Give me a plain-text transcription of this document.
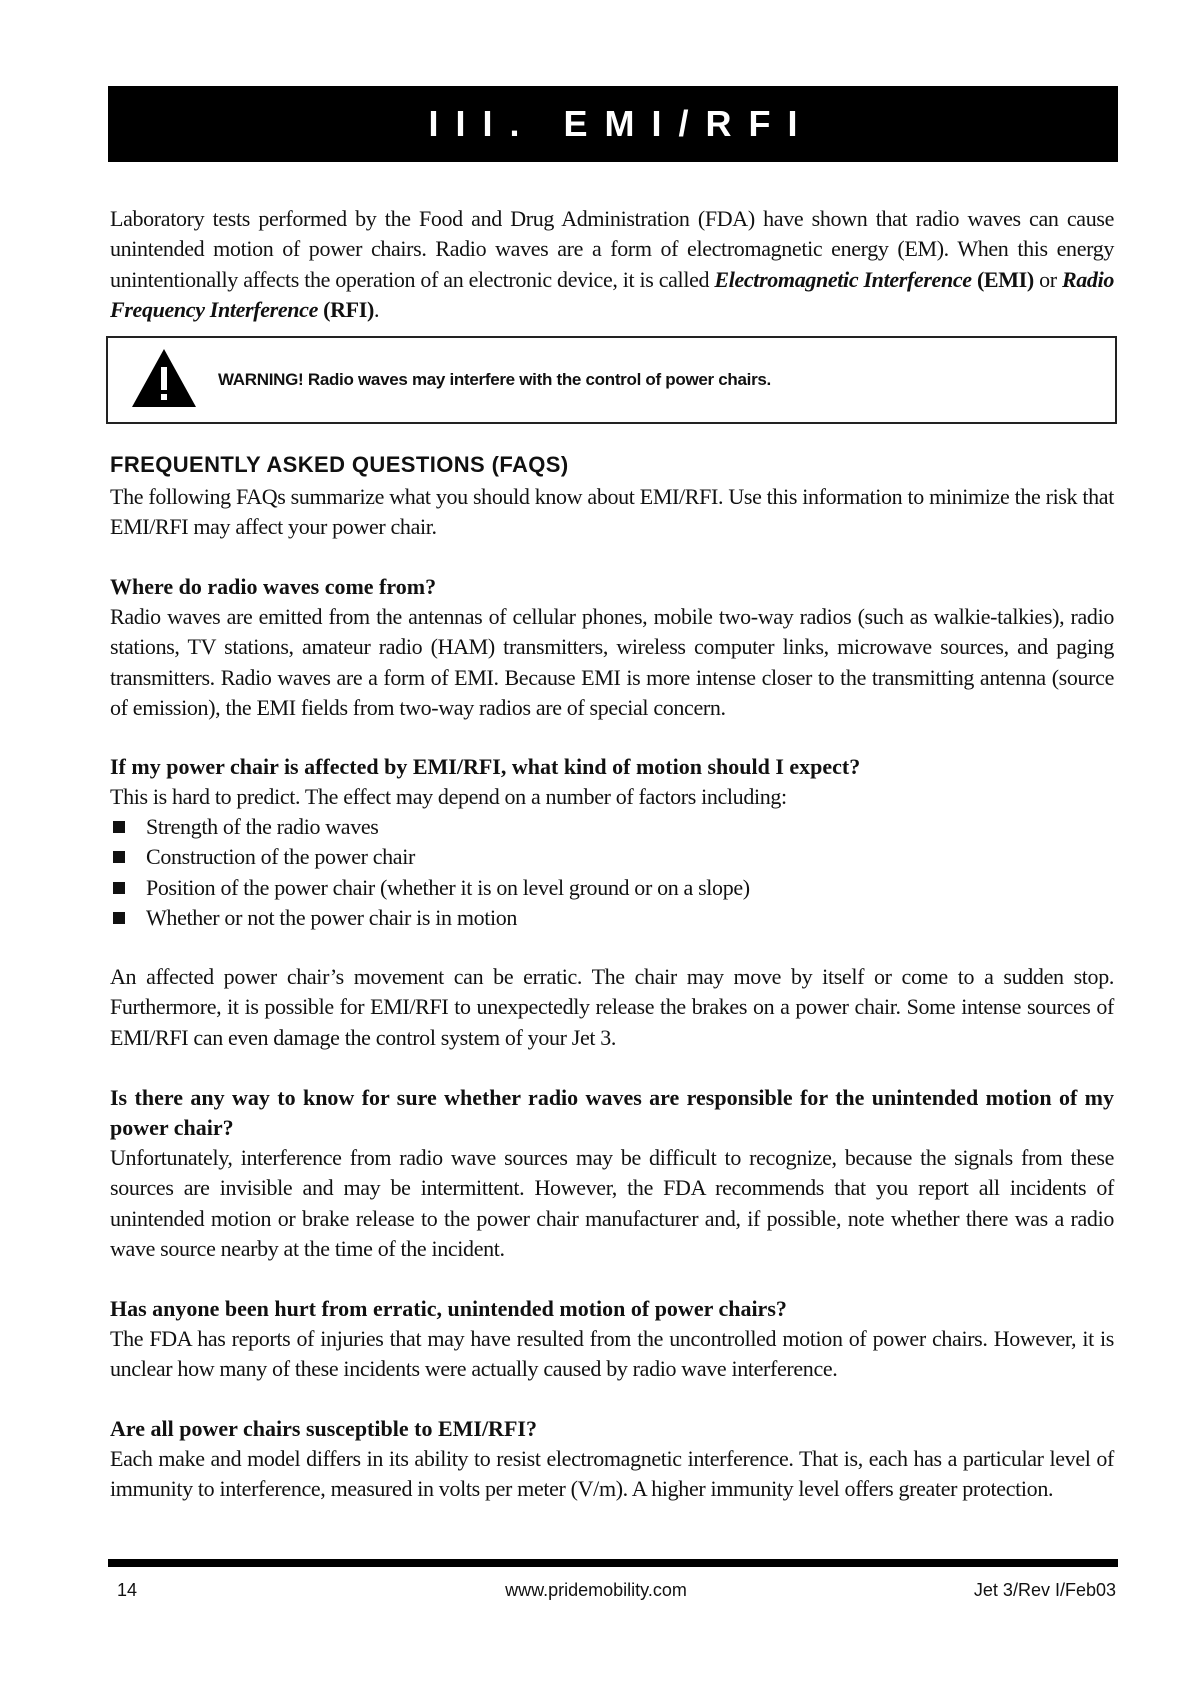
III. EMI/RFI

Laboratory tests performed by the Food and Drug Administration (FDA) have shown that radio waves can cause unintended motion of power chairs. Radio waves are a form of electromagnetic energy (EM). When this energy unintentionally affects the operation of an electronic device, it is called Electromagnetic Interference (EMI) or Radio Frequency Interference (RFI).

WARNING! Radio waves may interfere with the control of power chairs.
FREQUENTLY ASKED QUESTIONS (FAQS)

The following FAQs summarize what you should know about EMI/RFI. Use this information to minimize the risk that EMI/RFI may affect your power chair.

Where do radio waves come from?

Radio waves are emitted from the antennas of cellular phones, mobile two-way radios (such as walkie-talkies), radio stations, TV stations, amateur radio (HAM) transmitters, wireless computer links, microwave sources, and paging transmitters. Radio waves are a form of EMI. Because EMI is more intense closer to the transmitting antenna (source of emission), the EMI fields from two-way radios are of special concern.

If my power chair is affected by EMI/RFI, what kind of motion should I expect?

This is hard to predict. The effect may depend on a number of factors including:

Strength of the radio waves
Construction of the power chair
Position of the power chair (whether it is on level ground or on a slope)
Whether or not the power chair is in motion

An affected power chair’s movement can be erratic. The chair may move by itself or come to a sudden stop. Furthermore, it is possible for EMI/RFI to unexpectedly release the brakes on a power chair. Some intense sources of EMI/RFI can even damage the control system of your Jet 3.

Is there any way to know for sure whether radio waves are responsible for the unintended motion of my power chair?

Unfortunately, interference from radio wave sources may be difficult to recognize, because the signals from these sources are invisible and may be intermittent. However, the FDA recommends that you report all incidents of unintended motion or brake release to the power chair manufacturer and, if possible, note whether there was a radio wave source nearby at the time of the incident.

Has anyone been hurt from erratic, unintended motion of power chairs?

The FDA has reports of injuries that may have resulted from the uncontrolled motion of power chairs. However, it is unclear how many of these incidents were actually caused by radio wave interference.

Are all power chairs susceptible to EMI/RFI?

Each make and model differs in its ability to resist electromagnetic interference. That is, each has a particular level of immunity to interference, measured in volts per meter (V/m). A higher immunity level offers greater protection.

14	www.pridemobility.com	Jet 3/Rev I/Feb03
